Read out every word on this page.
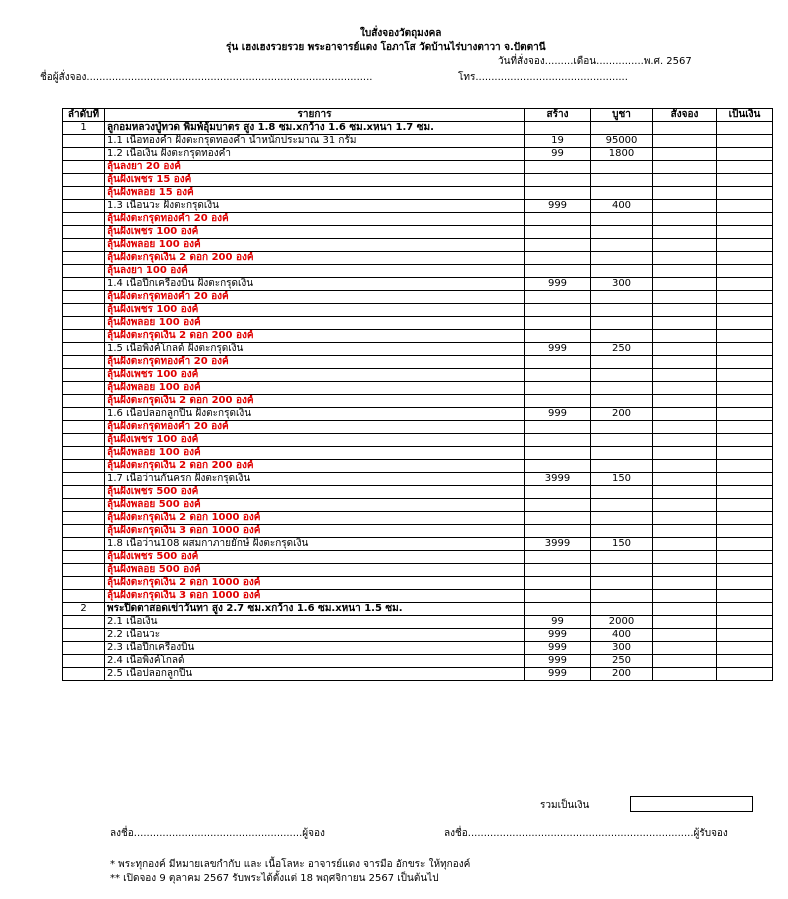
ใบสั่งจองวัตถุมงคล
รุ่น เฮงเฮงรวยรวย พระอาจารย์แดง โอภาโส วัดบ้านไร่บางตาวา จ.ปัตตานี
วันที่สั่งจอง.........เดือน...............พ.ศ. 2567
ชื่อผู้สั่งจอง..........................................................................................	โทร................................................
ลำดับที่	รายการ	สร้าง	บูชา	สั่งจอง	เป็นเงิน
1	ลูกอมหลวงปู่ทวด พิมพ์อุ้มบาตร สูง 1.8 ซม.xกว้าง 1.6 ซม.xหนา 1.7 ซม.				
	1.1 เนื้อทองคำ ฝังตะกรุดทองคำ น้ำหนักประมาณ 31 กรัม	19	95000		
	1.2 เนื้อเงิน ฝังตะกรุดทองคำ	99	1800		
	ลุ้นลงยา 20 องค์				
	ลุ้นฝังเพชร 15 องค์				
	ลุ้นฝังพลอย 15 องค์				
	1.3 เนื้อนวะ ฝังตะกรุดเงิน	999	400		
	ลุ้นฝังตะกรุดทองคำ 20 องค์				
	ลุ้นฝังเพชร 100 องค์				
	ลุ้นฝังพลอย 100 องค์				
	ลุ้นฝังตะกรุดเงิน 2 ดอก 200 องค์				
	ลุ้นลงยา 100 องค์				
	1.4 เนื้อปีกเครื่องบิน ฝังตะกรุดเงิน	999	300		
	ลุ้นฝังตะกรุดทองคำ 20 องค์				
	ลุ้นฝังเพชร 100 องค์				
	ลุ้นฝังพลอย 100 องค์				
	ลุ้นฝังตะกรุดเงิน 2 ดอก 200 องค์				
	1.5 เนื้อพิงค์โกลด์ ฝังตะกรุดเงิน	999	250		
	ลุ้นฝังตะกรุดทองคำ 20 องค์				
	ลุ้นฝังเพชร 100 องค์				
	ลุ้นฝังพลอย 100 องค์				
	ลุ้นฝังตะกรุดเงิน 2 ดอก 200 องค์				
	1.6 เนื้อปลอกลูกปืน ฝังตะกรุดเงิน	999	200		
	ลุ้นฝังตะกรุดทองคำ 20 องค์				
	ลุ้นฝังเพชร 100 องค์				
	ลุ้นฝังพลอย 100 องค์				
	ลุ้นฝังตะกรุดเงิน 2 ดอก 200 องค์				
	1.7 เนื้อว่านกันครก ฝังตะกรุดเงิน	3999	150		
	ลุ้นฝังเพชร 500 องค์				
	ลุ้นฝังพลอย 500 องค์				
	ลุ้นฝังตะกรุดเงิน 2 ดอก 1000 องค์				
	ลุ้นฝังตะกรุดเงิน 3 ดอก 1000 องค์				
	1.8 เนื้อว่าน108 ผสมกาภายยักษ์ ฝังตะกรุดเงิน	3999	150		
	ลุ้นฝังเพชร 500 องค์				
	ลุ้นฝังพลอย 500 องค์				
	ลุ้นฝังตะกรุดเงิน 2 ดอก 1000 องค์				
	ลุ้นฝังตะกรุดเงิน 3 ดอก 1000 องค์				
2	พระปิดตาสอดเข่าวันทา สูง 2.7 ซม.xกว้าง 1.6 ซม.xหนา 1.5 ซม.				
	2.1 เนื้อเงิน	99	2000		
	2.2 เนื้อนวะ	999	400		
	2.3 เนื้อปีกเครื่องบิน	999	300		
	2.4 เนื้อพิงค์โกลด์	999	250		
	2.5 เนื้อปลอกลูกปืน	999	200		
รวมเป็นเงิน
ลงชื่อ.....................................................ผู้จอง	ลงชื่อ.......................................................................ผู้รับจอง
* พระทุกองค์ มีหมายเลขกำกับ และ เนื้อโลหะ อาจารย์แดง จารมือ อักขระ ให้ทุกองค์
** เปิดจอง 9 ตุลาคม 2567 รับพระได้ตั้งแต่ 18 พฤศจิกายน 2567 เป็นต้นไป
